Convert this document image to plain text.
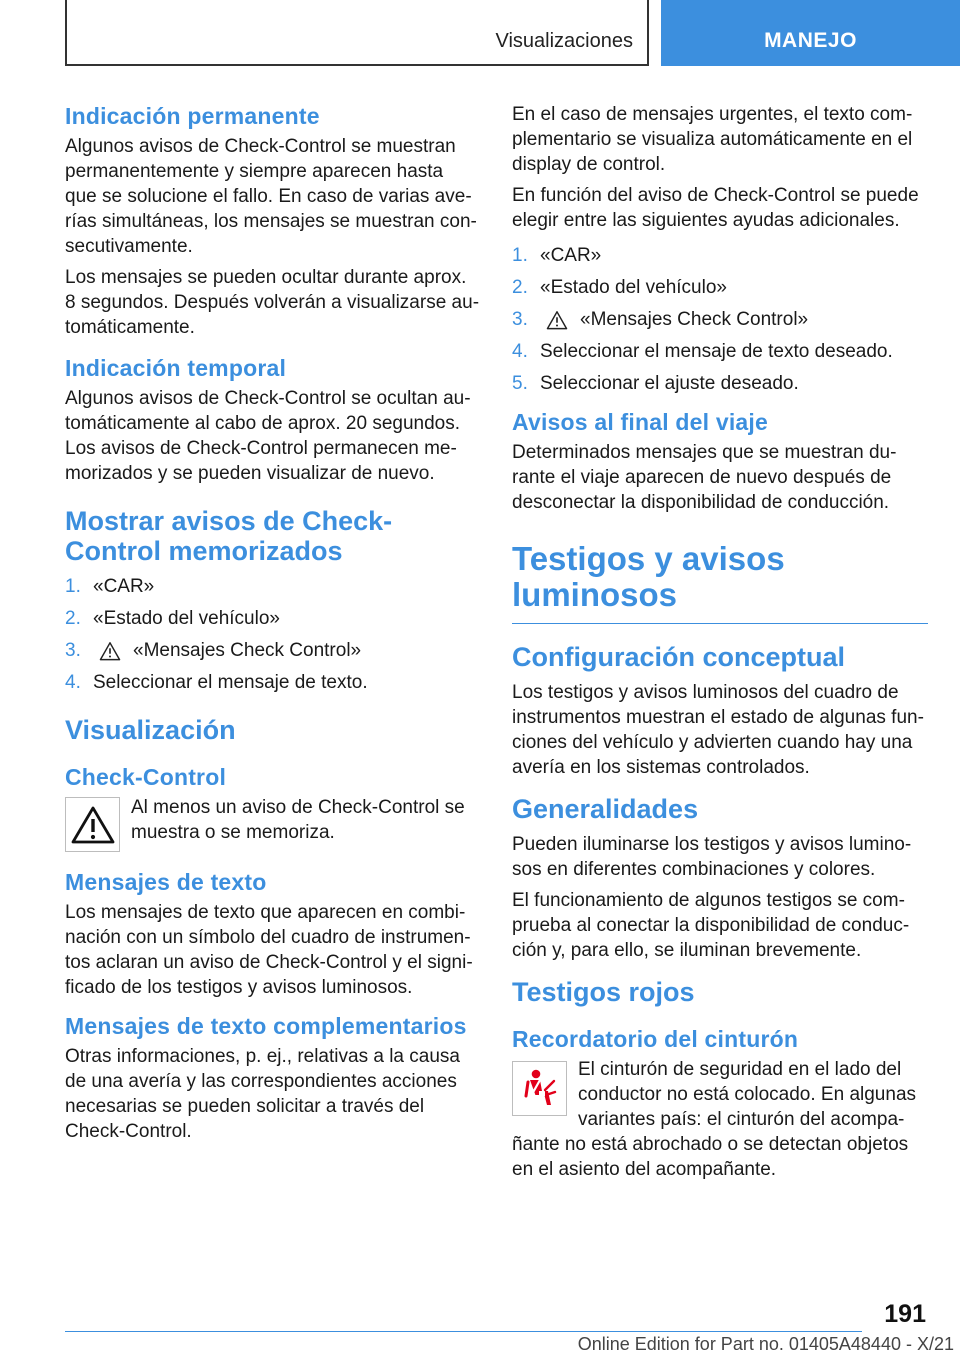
Visualizaciones	MANEJO
Indicación permanente

Algunos avisos de Check-Control se muestran permanentemente y siempre aparecen hasta que se solucione el fallo. En caso de varias averías simultáneas, los mensajes se muestran consecutivamente.

Los mensajes se pueden ocultar durante aprox. 8 segundos. Después volverán a visualizarse automáticamente.

Indicación temporal

Algunos avisos de Check-Control se ocultan automáticamente al cabo de aprox. 20 segundos. Los avisos de Check-Control permanecen memorizados y se pueden visualizar de nuevo.

Mostrar avisos de Check-Control memorizados
1. «CAR»
2. «Estado del vehículo»
3.	«Mensajes Check Control»
4. Seleccionar el mensaje de texto.
Visualización
Check-Control
Al menos un aviso de Check-Control se muestra o se memoriza.
Mensajes de texto

Los mensajes de texto que aparecen en combinación con un símbolo del cuadro de instrumentos aclaran un aviso de Check-Control y el significado de los testigos y avisos luminosos.

Mensajes de texto complementarios

Otras informaciones, p. ej., relativas a la causa de una avería y las correspondientes acciones necesarias se pueden solicitar a través del Check-Control.

En el caso de mensajes urgentes, el texto complementario se visualiza automáticamente en el display de control.

En función del aviso de Check-Control se puede elegir entre las siguientes ayudas adicionales.

1. «CAR»
2. «Estado del vehículo»
3.	«Mensajes Check Control»
4. Seleccionar el mensaje de texto deseado.
5. Seleccionar el ajuste deseado.
Avisos al final del viaje

Determinados mensajes que se muestran durante el viaje aparecen de nuevo después de desconectar la disponibilidad de conducción.

Testigos y avisos luminosos
Configuración conceptual

Los testigos y avisos luminosos del cuadro de instrumentos muestran el estado de algunas funciones del vehículo y advierten cuando hay una avería en los sistemas controlados.

Generalidades

Pueden iluminarse los testigos y avisos luminosos en diferentes combinaciones y colores.

El funcionamiento de algunos testigos se comprueba al conectar la disponibilidad de conducción y, para ello, se iluminan brevemente.

Testigos rojos
Recordatorio del cinturón
El cinturón de seguridad en el lado del conductor no está colocado. En algunas variantes país: el cinturón del acompañante no está abrochado o se detectan objetos en el asiento del acompañante.
191
Online Edition for Part no. 01405A48440 - X/21
